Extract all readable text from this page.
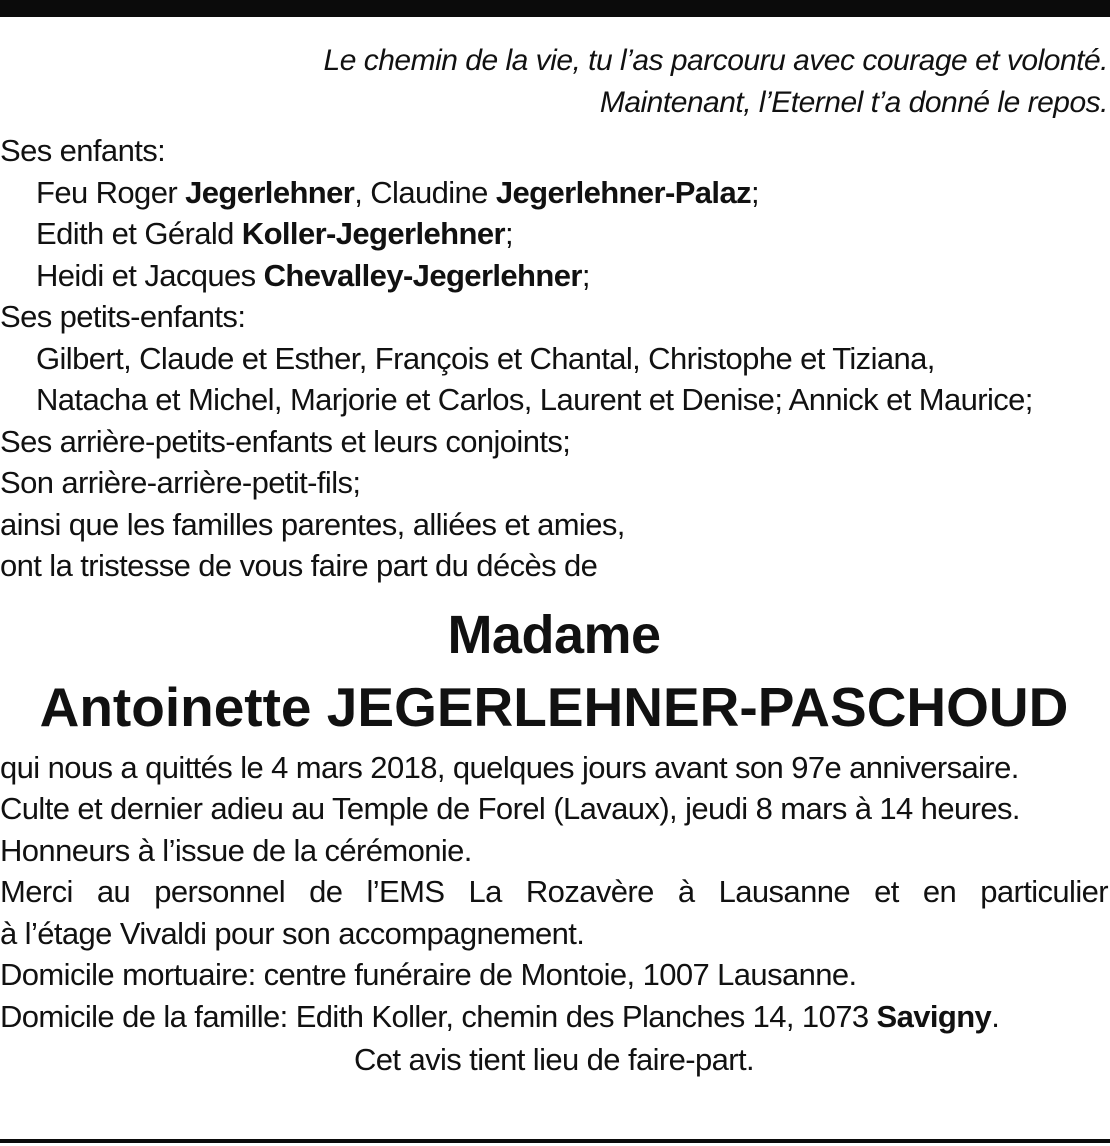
Le chemin de la vie, tu l’as parcouru avec courage et volonté.
Maintenant, l’Eternel t’a donné le repos.
Ses enfants:
Feu Roger Jegerlehner, Claudine Jegerlehner-Palaz;
Edith et Gérald Koller-Jegerlehner;
Heidi et Jacques Chevalley-Jegerlehner;
Ses petits-enfants:
Gilbert, Claude et Esther, François et Chantal, Christophe et Tiziana,
Natacha et Michel, Marjorie et Carlos, Laurent et Denise; Annick et Maurice;
Ses arrière-petits-enfants et leurs conjoints;
Son arrière-arrière-petit-fils;
ainsi que les familles parentes, alliées et amies,
ont la tristesse de vous faire part du décès de
Madame
Antoinette JEGERLEHNER-PASCHOUD
qui nous a quittés le 4 mars 2018, quelques jours avant son 97e anniversaire.
Culte et dernier adieu au Temple de Forel (Lavaux), jeudi 8 mars à 14 heures.
Honneurs à l’issue de la cérémonie.
Merci au personnel de l’EMS La Rozavère à Lausanne et en particulier
à l’étage Vivaldi pour son accompagnement.
Domicile mortuaire: centre funéraire de Montoie, 1007 Lausanne.
Domicile de la famille: Edith Koller, chemin des Planches 14, 1073 Savigny.
Cet avis tient lieu de faire-part.
